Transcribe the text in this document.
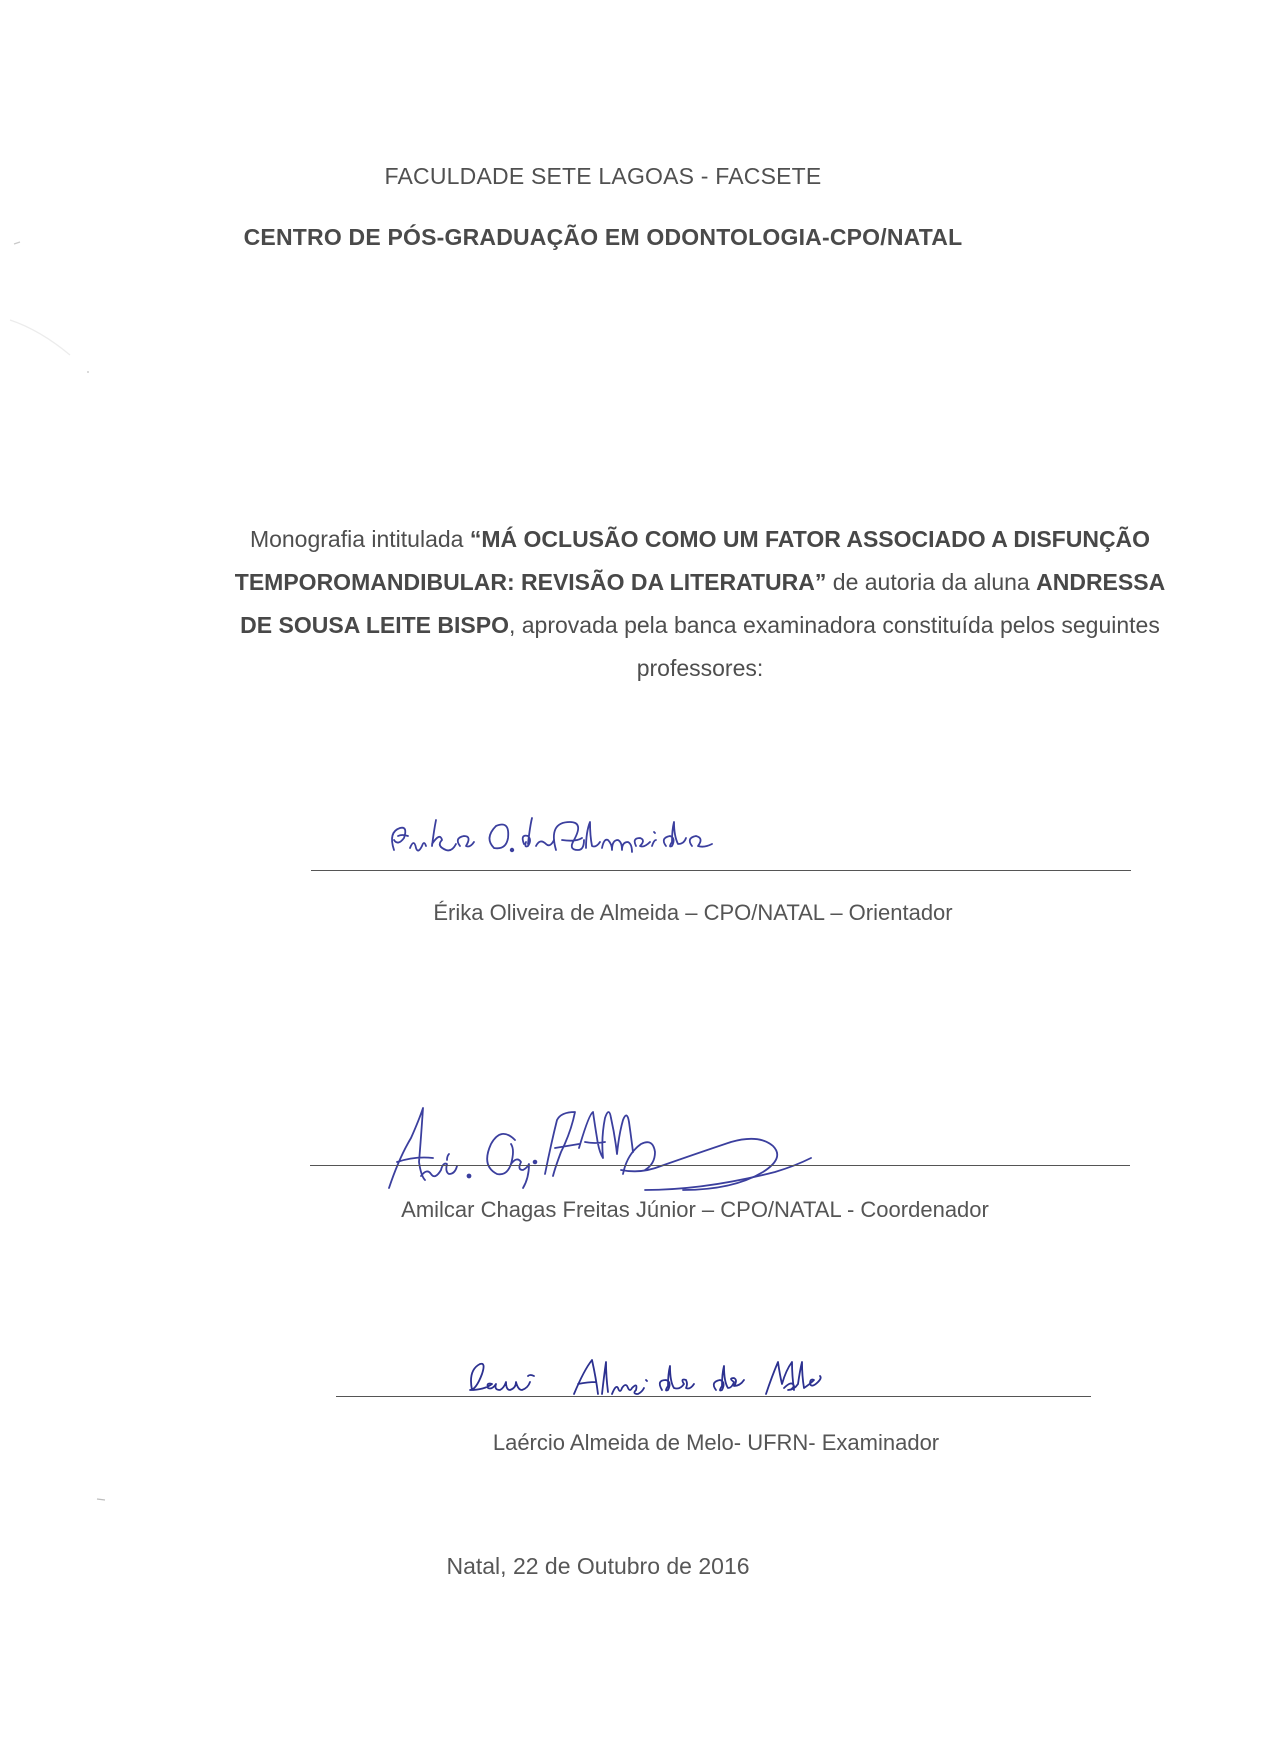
FACULDADE SETE LAGOAS - FACSETE
CENTRO DE PÓS-GRADUAÇÃO EM ODONTOLOGIA-CPO/NATAL
Monografia intitulada “MÁ OCLUSÃO COMO UM FATOR ASSOCIADO A DISFUNÇÃO TEMPOROMANDIBULAR: REVISÃO DA LITERATURA” de autoria da aluna ANDRESSA DE SOUSA LEITE BISPO, aprovada pela banca examinadora constituída pelos seguintes professores:
Érika Oliveira de Almeida – CPO/NATAL – Orientador
Amilcar Chagas Freitas Júnior – CPO/NATAL - Coordenador
Laércio Almeida de Melo- UFRN- Examinador
Natal, 22 de Outubro de 2016
